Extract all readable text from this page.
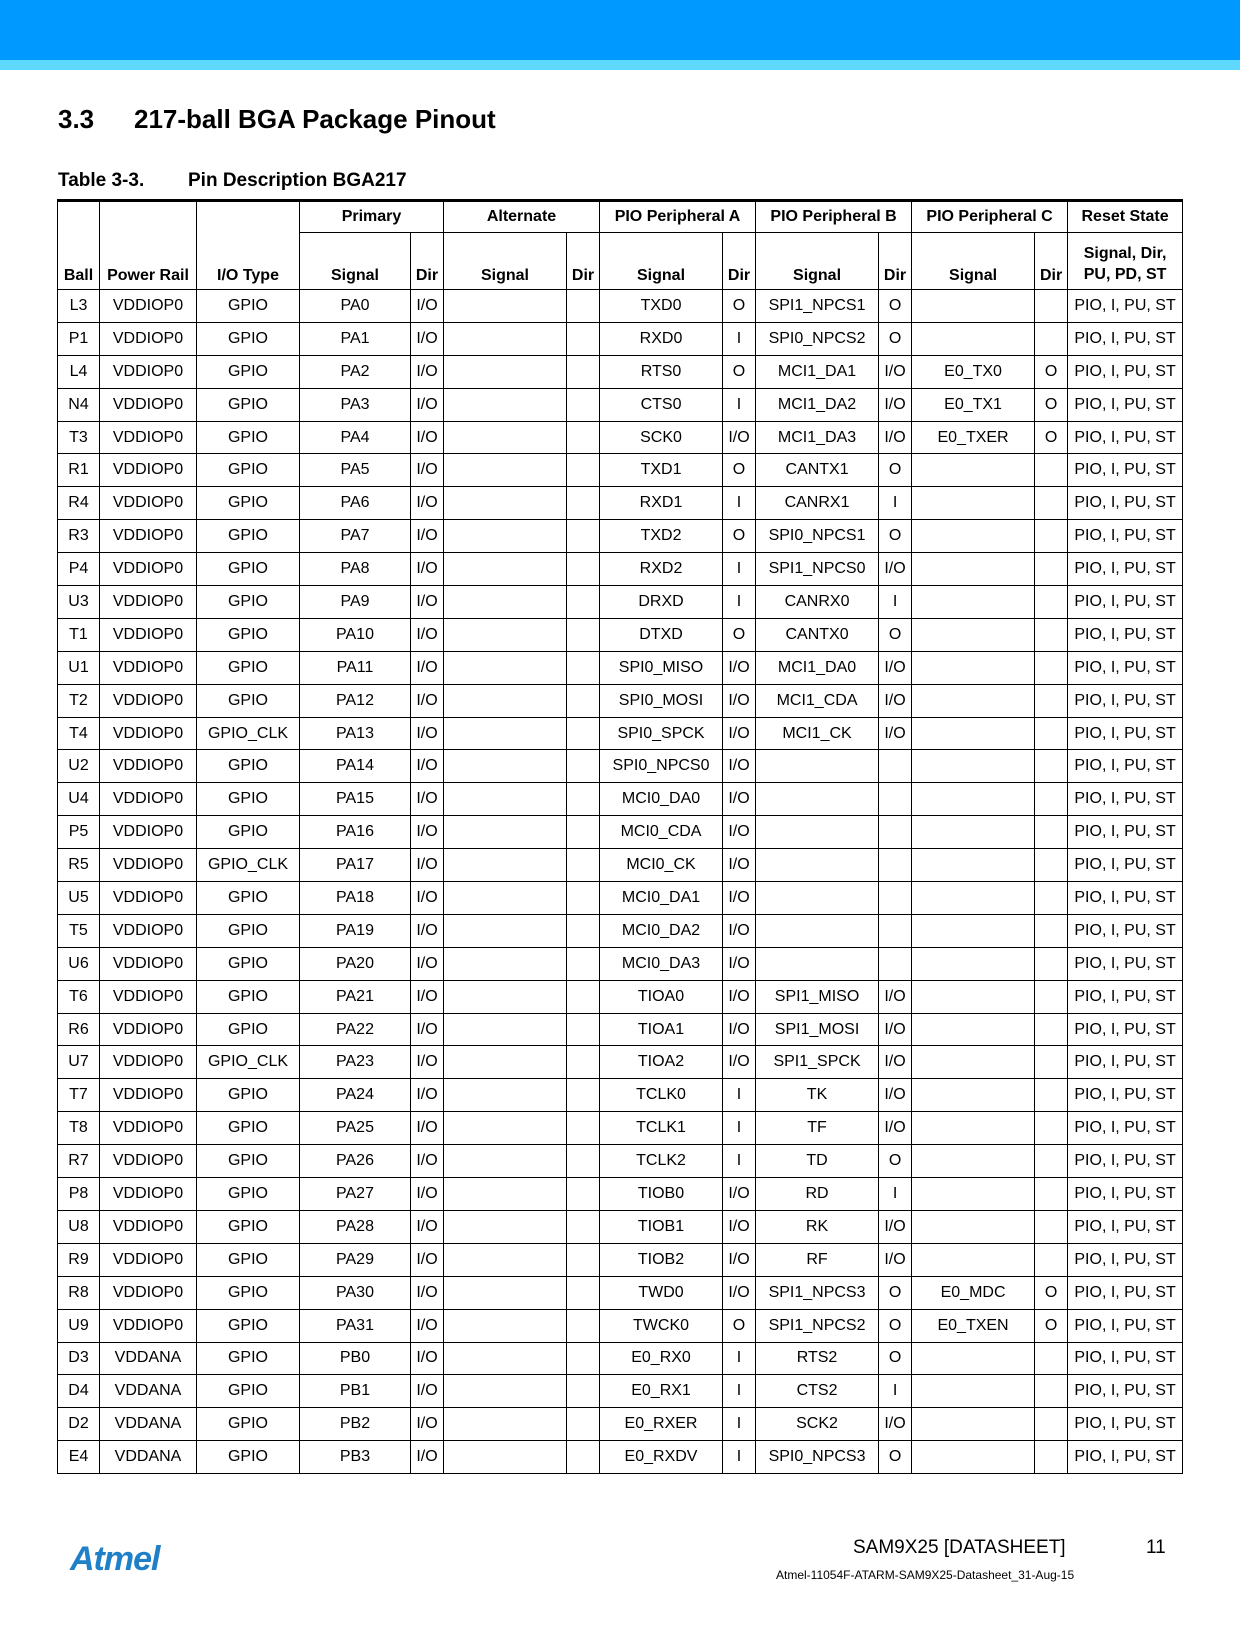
3.3 217-ball BGA Package Pinout
Table 3-3. Pin Description BGA217
Ball	Power Rail	I/O Type	Primary		Alternate		PIO Peripheral A		PIO Peripheral B		PIO Peripheral C		Reset State
			Signal	Dir	Signal	Dir	Signal	Dir	Signal	Dir	Signal	Dir	Signal, Dir,
PU, PD, ST
L3	VDDIOP0	GPIO	PA0	I/O			TXD0	O	SPI1_NPCS1	O			PIO, I, PU, ST
P1	VDDIOP0	GPIO	PA1	I/O			RXD0	I	SPI0_NPCS2	O			PIO, I, PU, ST
L4	VDDIOP0	GPIO	PA2	I/O			RTS0	O	MCI1_DA1	I/O	E0_TX0	O	PIO, I, PU, ST
N4	VDDIOP0	GPIO	PA3	I/O			CTS0	I	MCI1_DA2	I/O	E0_TX1	O	PIO, I, PU, ST
T3	VDDIOP0	GPIO	PA4	I/O			SCK0	I/O	MCI1_DA3	I/O	E0_TXER	O	PIO, I, PU, ST
R1	VDDIOP0	GPIO	PA5	I/O			TXD1	O	CANTX1	O			PIO, I, PU, ST
R4	VDDIOP0	GPIO	PA6	I/O			RXD1	I	CANRX1	I			PIO, I, PU, ST
R3	VDDIOP0	GPIO	PA7	I/O			TXD2	O	SPI0_NPCS1	O			PIO, I, PU, ST
P4	VDDIOP0	GPIO	PA8	I/O			RXD2	I	SPI1_NPCS0	I/O			PIO, I, PU, ST
U3	VDDIOP0	GPIO	PA9	I/O			DRXD	I	CANRX0	I			PIO, I, PU, ST
T1	VDDIOP0	GPIO	PA10	I/O			DTXD	O	CANTX0	O			PIO, I, PU, ST
U1	VDDIOP0	GPIO	PA11	I/O			SPI0_MISO	I/O	MCI1_DA0	I/O			PIO, I, PU, ST
T2	VDDIOP0	GPIO	PA12	I/O			SPI0_MOSI	I/O	MCI1_CDA	I/O			PIO, I, PU, ST
T4	VDDIOP0	GPIO_CLK	PA13	I/O			SPI0_SPCK	I/O	MCI1_CK	I/O			PIO, I, PU, ST
U2	VDDIOP0	GPIO	PA14	I/O			SPI0_NPCS0	I/O					PIO, I, PU, ST
U4	VDDIOP0	GPIO	PA15	I/O			MCI0_DA0	I/O					PIO, I, PU, ST
P5	VDDIOP0	GPIO	PA16	I/O			MCI0_CDA	I/O					PIO, I, PU, ST
R5	VDDIOP0	GPIO_CLK	PA17	I/O			MCI0_CK	I/O					PIO, I, PU, ST
U5	VDDIOP0	GPIO	PA18	I/O			MCI0_DA1	I/O					PIO, I, PU, ST
T5	VDDIOP0	GPIO	PA19	I/O			MCI0_DA2	I/O					PIO, I, PU, ST
U6	VDDIOP0	GPIO	PA20	I/O			MCI0_DA3	I/O					PIO, I, PU, ST
T6	VDDIOP0	GPIO	PA21	I/O			TIOA0	I/O	SPI1_MISO	I/O			PIO, I, PU, ST
R6	VDDIOP0	GPIO	PA22	I/O			TIOA1	I/O	SPI1_MOSI	I/O			PIO, I, PU, ST
U7	VDDIOP0	GPIO_CLK	PA23	I/O			TIOA2	I/O	SPI1_SPCK	I/O			PIO, I, PU, ST
T7	VDDIOP0	GPIO	PA24	I/O			TCLK0	I	TK	I/O			PIO, I, PU, ST
T8	VDDIOP0	GPIO	PA25	I/O			TCLK1	I	TF	I/O			PIO, I, PU, ST
R7	VDDIOP0	GPIO	PA26	I/O			TCLK2	I	TD	O			PIO, I, PU, ST
P8	VDDIOP0	GPIO	PA27	I/O			TIOB0	I/O	RD	I			PIO, I, PU, ST
U8	VDDIOP0	GPIO	PA28	I/O			TIOB1	I/O	RK	I/O			PIO, I, PU, ST
R9	VDDIOP0	GPIO	PA29	I/O			TIOB2	I/O	RF	I/O			PIO, I, PU, ST
R8	VDDIOP0	GPIO	PA30	I/O			TWD0	I/O	SPI1_NPCS3	O	E0_MDC	O	PIO, I, PU, ST
U9	VDDIOP0	GPIO	PA31	I/O			TWCK0	O	SPI1_NPCS2	O	E0_TXEN	O	PIO, I, PU, ST
D3	VDDANA	GPIO	PB0	I/O			E0_RX0	I	RTS2	O			PIO, I, PU, ST
D4	VDDANA	GPIO	PB1	I/O			E0_RX1	I	CTS2	I			PIO, I, PU, ST
D2	VDDANA	GPIO	PB2	I/O			E0_RXER	I	SCK2	I/O			PIO, I, PU, ST
E4	VDDANA	GPIO	PB3	I/O			E0_RXDV	I	SPI0_NPCS3	O			PIO, I, PU, ST
Atmel	SAM9X25 [DATASHEET]	11
Atmel-11054F-ATARM-SAM9X25-Datasheet_31-Aug-15
